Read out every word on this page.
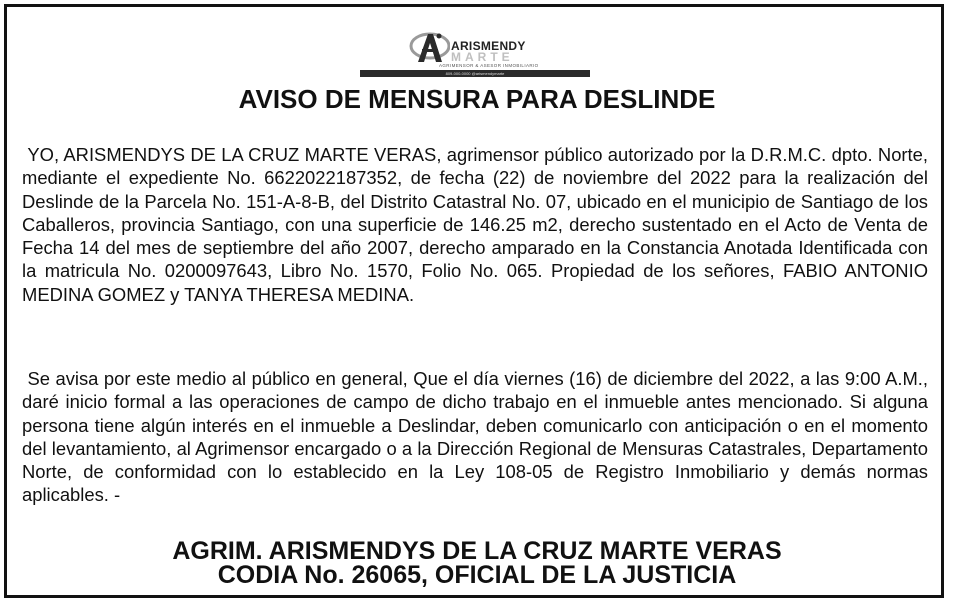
ARISMENDY
MARTE
AGRIMENSOR & ASESOR INMOBILIARIO
809-000-0000 @arismendymarte
AVISO DE MENSURA PARA DESLINDE

YO, ARISMENDYS DE LA CRUZ MARTE VERAS, agrimensor público autorizado por la D.R.M.C. dpto. Norte, mediante el expediente No. 6622022187352, de fecha (22) de noviembre del 2022 para la realización del Deslinde de la Parcela No. 151-A-8-B, del Distrito Catastral No. 07, ubicado en el municipio de Santiago de los Caballeros, provincia Santiago, con una superficie de 146.25 m2, derecho sustentado en el Acto de Venta de Fecha 14 del mes de septiembre del año 2007, derecho amparado en la Constancia Anotada Identificada con la matricula No. 0200097643, Libro No. 1570, Folio No. 065. Propiedad de los señores, FABIO ANTONIO MEDINA GOMEZ y TANYA THERESA MEDINA.

Se avisa por este medio al público en general, Que el día viernes (16) de diciembre del 2022, a las 9:00 A.M., daré inicio formal a las operaciones de campo de dicho trabajo en el inmueble antes mencionado. Si alguna persona tiene algún interés en el inmueble a Deslindar, deben comunicarlo con anticipación o en el momento del levantamiento, al Agrimensor encargado o a la Dirección Regional de Mensuras Catastrales, Departamento Norte, de conformidad con lo establecido en la Ley 108-05 de Registro Inmobiliario y demás normas aplicables. -

AGRIM. ARISMENDYS DE LA CRUZ MARTE VERAS
CODIA No. 26065, OFICIAL DE LA JUSTICIA
